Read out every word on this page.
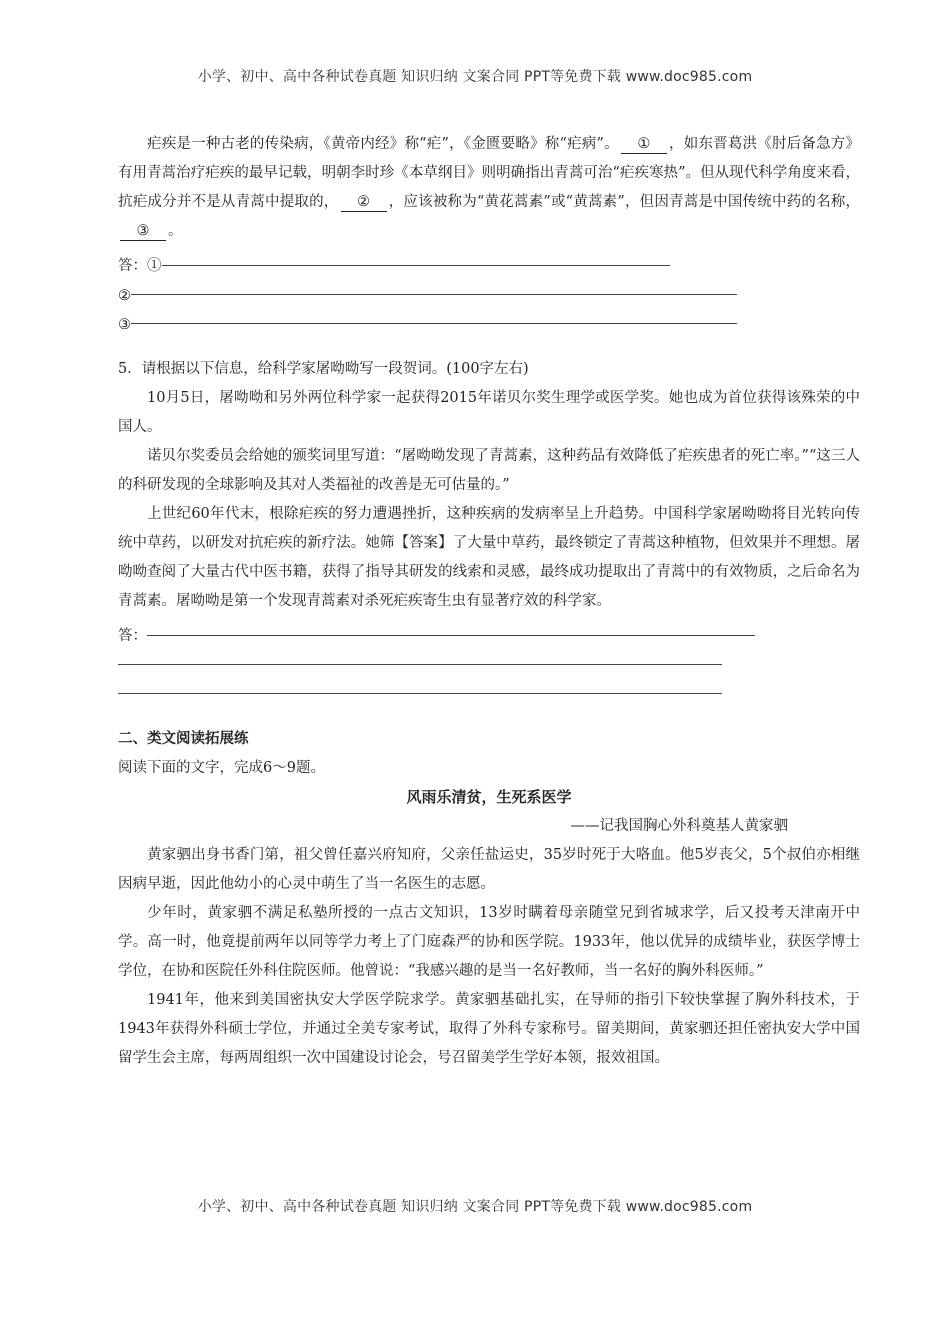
小学、初中、高中各种试卷真题 知识归纳 文案合同 PPT等免费下载 www.doc985.com

疟疾是一种古老的传染病，《黄帝内经》称“疟”，《金匮要略》称“疟病”。 ① ，如东晋葛洪《肘后备急方》有用青蒿治疗疟疾的最早记载，明朝李时珍《本草纲目》则明确指出青蒿可治“疟疾寒热”。但从现代科学角度来看，抗疟成分并不是从青蒿中提取的， ② ，应该被称为“黄花蒿素”或“黄蒿素”，但因青蒿是中国传统中药的名称，③ 。

答：①
②
③

5．请根据以下信息，给科学家屠呦呦写一段贺词。(100字左右)

10月5日，屠呦呦和另外两位科学家一起获得2015年诺贝尔奖生理学或医学奖。她也成为首位获得该殊荣的中国人。

诺贝尔奖委员会给她的颁奖词里写道：“屠呦呦发现了青蒿素，这种药品有效降低了疟疾患者的死亡率。”“这三人的科研发现的全球影响及其对人类福祉的改善是无可估量的。”

上世纪60年代末，根除疟疾的努力遭遇挫折，这种疾病的发病率呈上升趋势。中国科学家屠呦呦将目光转向传统中草药，以研发对抗疟疾的新疗法。她筛【答案】了大量中草药，最终锁定了青蒿这种植物，但效果并不理想。屠呦呦查阅了大量古代中医书籍，获得了指导其研发的线索和灵感，最终成功提取出了青蒿中的有效物质，之后命名为青蒿素。屠呦呦是第一个发现青蒿素对杀死疟疾寄生虫有显著疗效的科学家。

答：

二、类文阅读拓展练

阅读下面的文字，完成6～9题。

风雨乐清贫，生死系医学

——记我国胸心外科奠基人黄家驷

黄家驷出身书香门第，祖父曾任嘉兴府知府，父亲任盐运史，35岁时死于大咯血。他5岁丧父，5个叔伯亦相继因病早逝，因此他幼小的心灵中萌生了当一名医生的志愿。

少年时，黄家驷不满足私塾所授的一点古文知识，13岁时瞒着母亲随堂兄到省城求学，后又投考天津南开中学。高一时，他竟提前两年以同等学力考上了门庭森严的协和医学院。1933年，他以优异的成绩毕业，获医学博士学位，在协和医院任外科住院医师。他曾说：“我感兴趣的是当一名好教师，当一名好的胸外科医师。”

1941年，他来到美国密执安大学医学院求学。黄家驷基础扎实，在导师的指引下较快掌握了胸外科技术，于1943年获得外科硕士学位，并通过全美专家考试，取得了外科专家称号。留美期间，黄家驷还担任密执安大学中国留学生会主席，每两周组织一次中国建设讨论会，号召留美学生学好本领，报效祖国。

小学、初中、高中各种试卷真题 知识归纳 文案合同 PPT等免费下载 www.doc985.com
